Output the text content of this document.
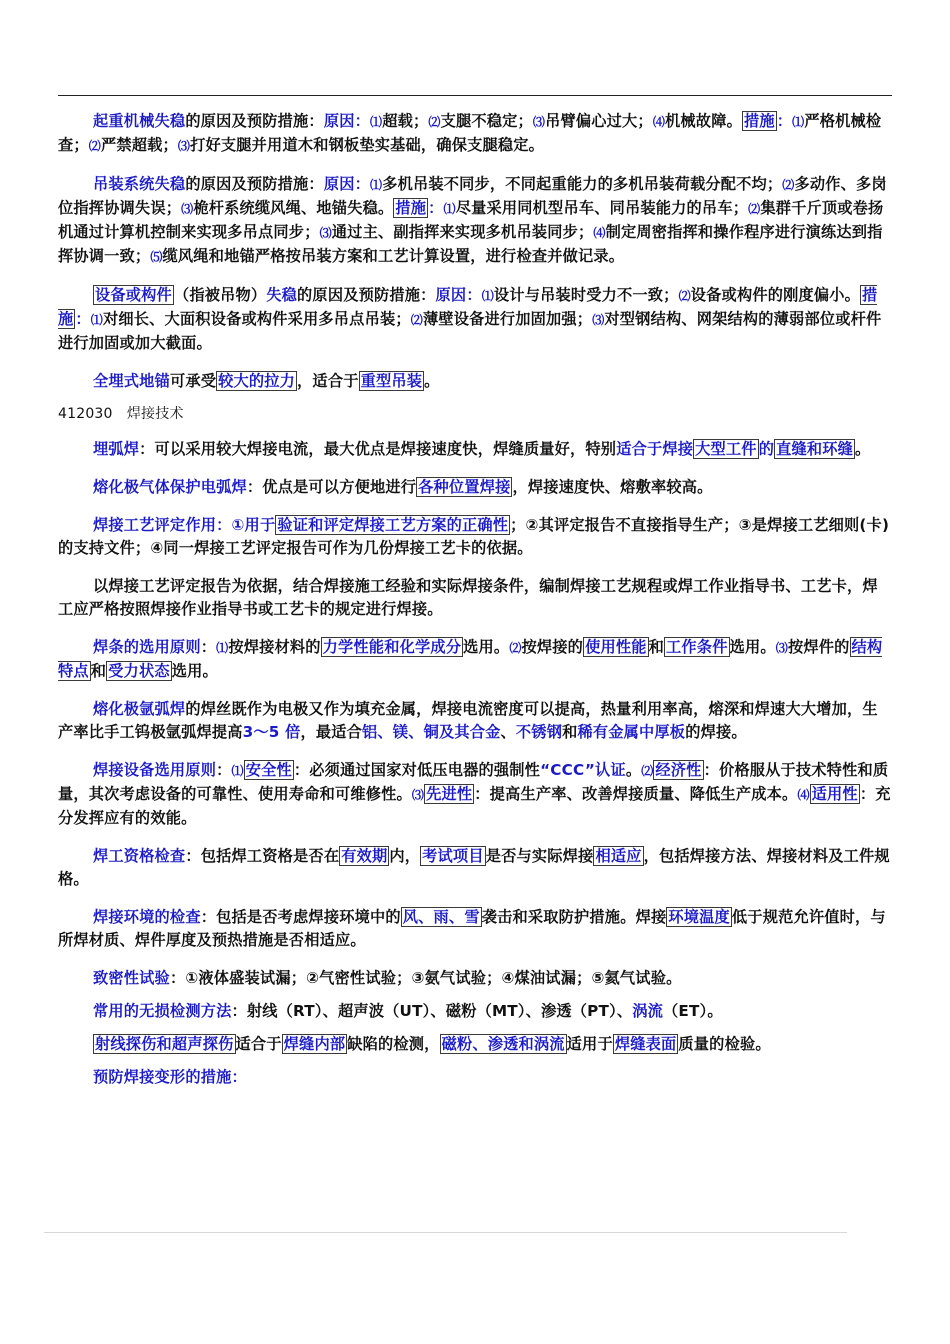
起重机械失稳的原因及预防措施：原因：⑴超载；⑵支腿不稳定；⑶吊臂偏心过大；⑷机械故障。 措施 ：⑴严格机械检查；⑵严禁超载；⑶打好支腿并用道木和钢板垫实基础，确保支腿稳定。

吊装系统失稳的原因及预防措施：原因：⑴多机吊装不同步，不同起重能力的多机吊装荷载分配不均；⑵多动作、多岗位指挥协调失误；⑶桅杆系统缆风绳、地锚失稳。 措施 ：⑴尽量采用同机型吊车、同吊装能力的吊车；⑵集群千斤顶或卷扬机通过计算机控制来实现多吊点同步；⑶通过主、副指挥来实现多机吊装同步；⑷制定周密指挥和操作程序进行演练达到指挥协调一致；⑸缆风绳和地锚严格按吊装方案和工艺计算设置，进行检查并做记录。

设备或构件 （指被吊物）失稳的原因及预防措施：原因：⑴设计与吊装时受力不一致；⑵设备或构件的刚度偏小。 措施 ：⑴对细长、大面积设备或构件采用多吊点吊装；⑵薄壁设备进行加固加强；⑶对型钢结构、网架结构的薄弱部位或杆件进行加固或加大截面。

全埋式地锚可承受 较大的拉力 ，适合于 重型吊装 。

412030　焊接技术

埋弧焊：可以采用较大焊接电流，最大优点是焊接速度快，焊缝质量好，特别适合于焊接 大型工件 的 直缝和环缝 。

熔化极气体保护电弧焊：优点是可以方便地进行 各种位置焊接 ，焊接速度快、熔敷率较高。

焊接工艺评定作用：①用于 验证和评定焊接工艺方案的正确性 ；②其评定报告不直接指导生产；③是焊接工艺细则(卡)的支持文件；④同一焊接工艺评定报告可作为几份焊接工艺卡的依据。

以焊接工艺评定报告为依据，结合焊接施工经验和实际焊接条件，编制焊接工艺规程或焊工作业指导书、工艺卡，焊工应严格按照焊接作业指导书或工艺卡的规定进行焊接。

焊条的选用原则：⑴按焊接材料的 力学性能和化学成分 选用。⑵按焊接的 使用性能 和 工作条件 选用。⑶按焊件的 结构特点 和 受力状态 选用。

熔化极氩弧焊的焊丝既作为电极又作为填充金属，焊接电流密度可以提高，热量利用率高，熔深和焊速大大增加，生产率比手工钨极氩弧焊提高3～5 倍，最适合铝、镁、铜及其合金、不锈钢和稀有金属中厚板的焊接。

焊接设备选用原则：⑴ 安全性 ：必须通过国家对低压电器的强制性“CCC”认证。⑵ 经济性 ：价格服从于技术特性和质量，其次考虑设备的可靠性、使用寿命和可维修性。⑶ 先进性 ：提高生产率、改善焊接质量、降低生产成本。⑷ 适用性 ：充分发挥应有的效能。

焊工资格检查：包括焊工资格是否在 有效期 内， 考试项目 是否与实际焊接 相适应 ，包括焊接方法、焊接材料及工件规格。

焊接环境的检查：包括是否考虑焊接环境中的 风、雨、雪 袭击和采取防护措施。焊接 环境温度 低于规范允许值时，与所焊材质、焊件厚度及预热措施是否相适应。

致密性试验：①液体盛装试漏；②气密性试验；③氨气试验；④煤油试漏；⑤氦气试验。

常用的无损检测方法：射线（RT）、超声波（UT）、磁粉（MT）、渗透（PT）、涡流（ET）。

射线探伤和超声探伤 适合于 焊缝内部 缺陷的检测， 磁粉、渗透和涡流 适用于 焊缝表面 质量的检验。

预防焊接变形的措施：
